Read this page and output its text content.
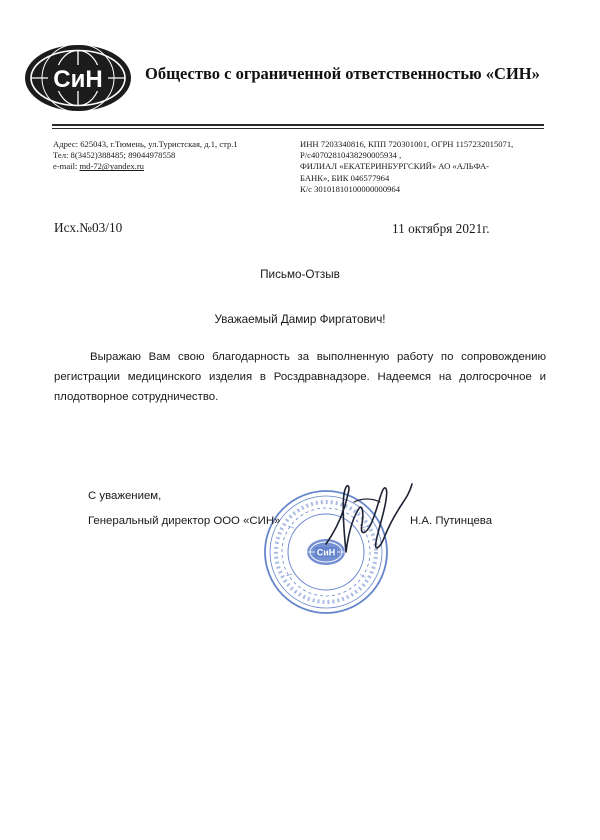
СиН	Общество с ограниченной ответственностью «СИН»
Адрес: 625043, г.Тюмень, ул.Туристская, д.1, стр.1
Тел: 8(3452)388485; 89044978558
e-mail: md-72@yandex.ru
ИНН 7203340816, КПП 720301001, ОГРН 1157232015071,
Р/с40702810438290005934 ,
ФИЛИАЛ «ЕКАТЕРИНБУРГСКИЙ» АО «АЛЬФА-
БАНК», БИК 046577964
К/с 30101810100000000964
Исх.№03/10	11 октября 2021г.
Письмо-Отзыв
Уважаемый Дамир Фиргатович!

Выражаю Вам свою благодарность за выполненную работу по сопровождению регистрации медицинского изделия в Росздравнадзоре. Надеемся на долгосрочное и плодотворное сотрудничество.

СиН
С уважением,
Генеральный директор ООО «СИН»	Н.А. Путинцева
